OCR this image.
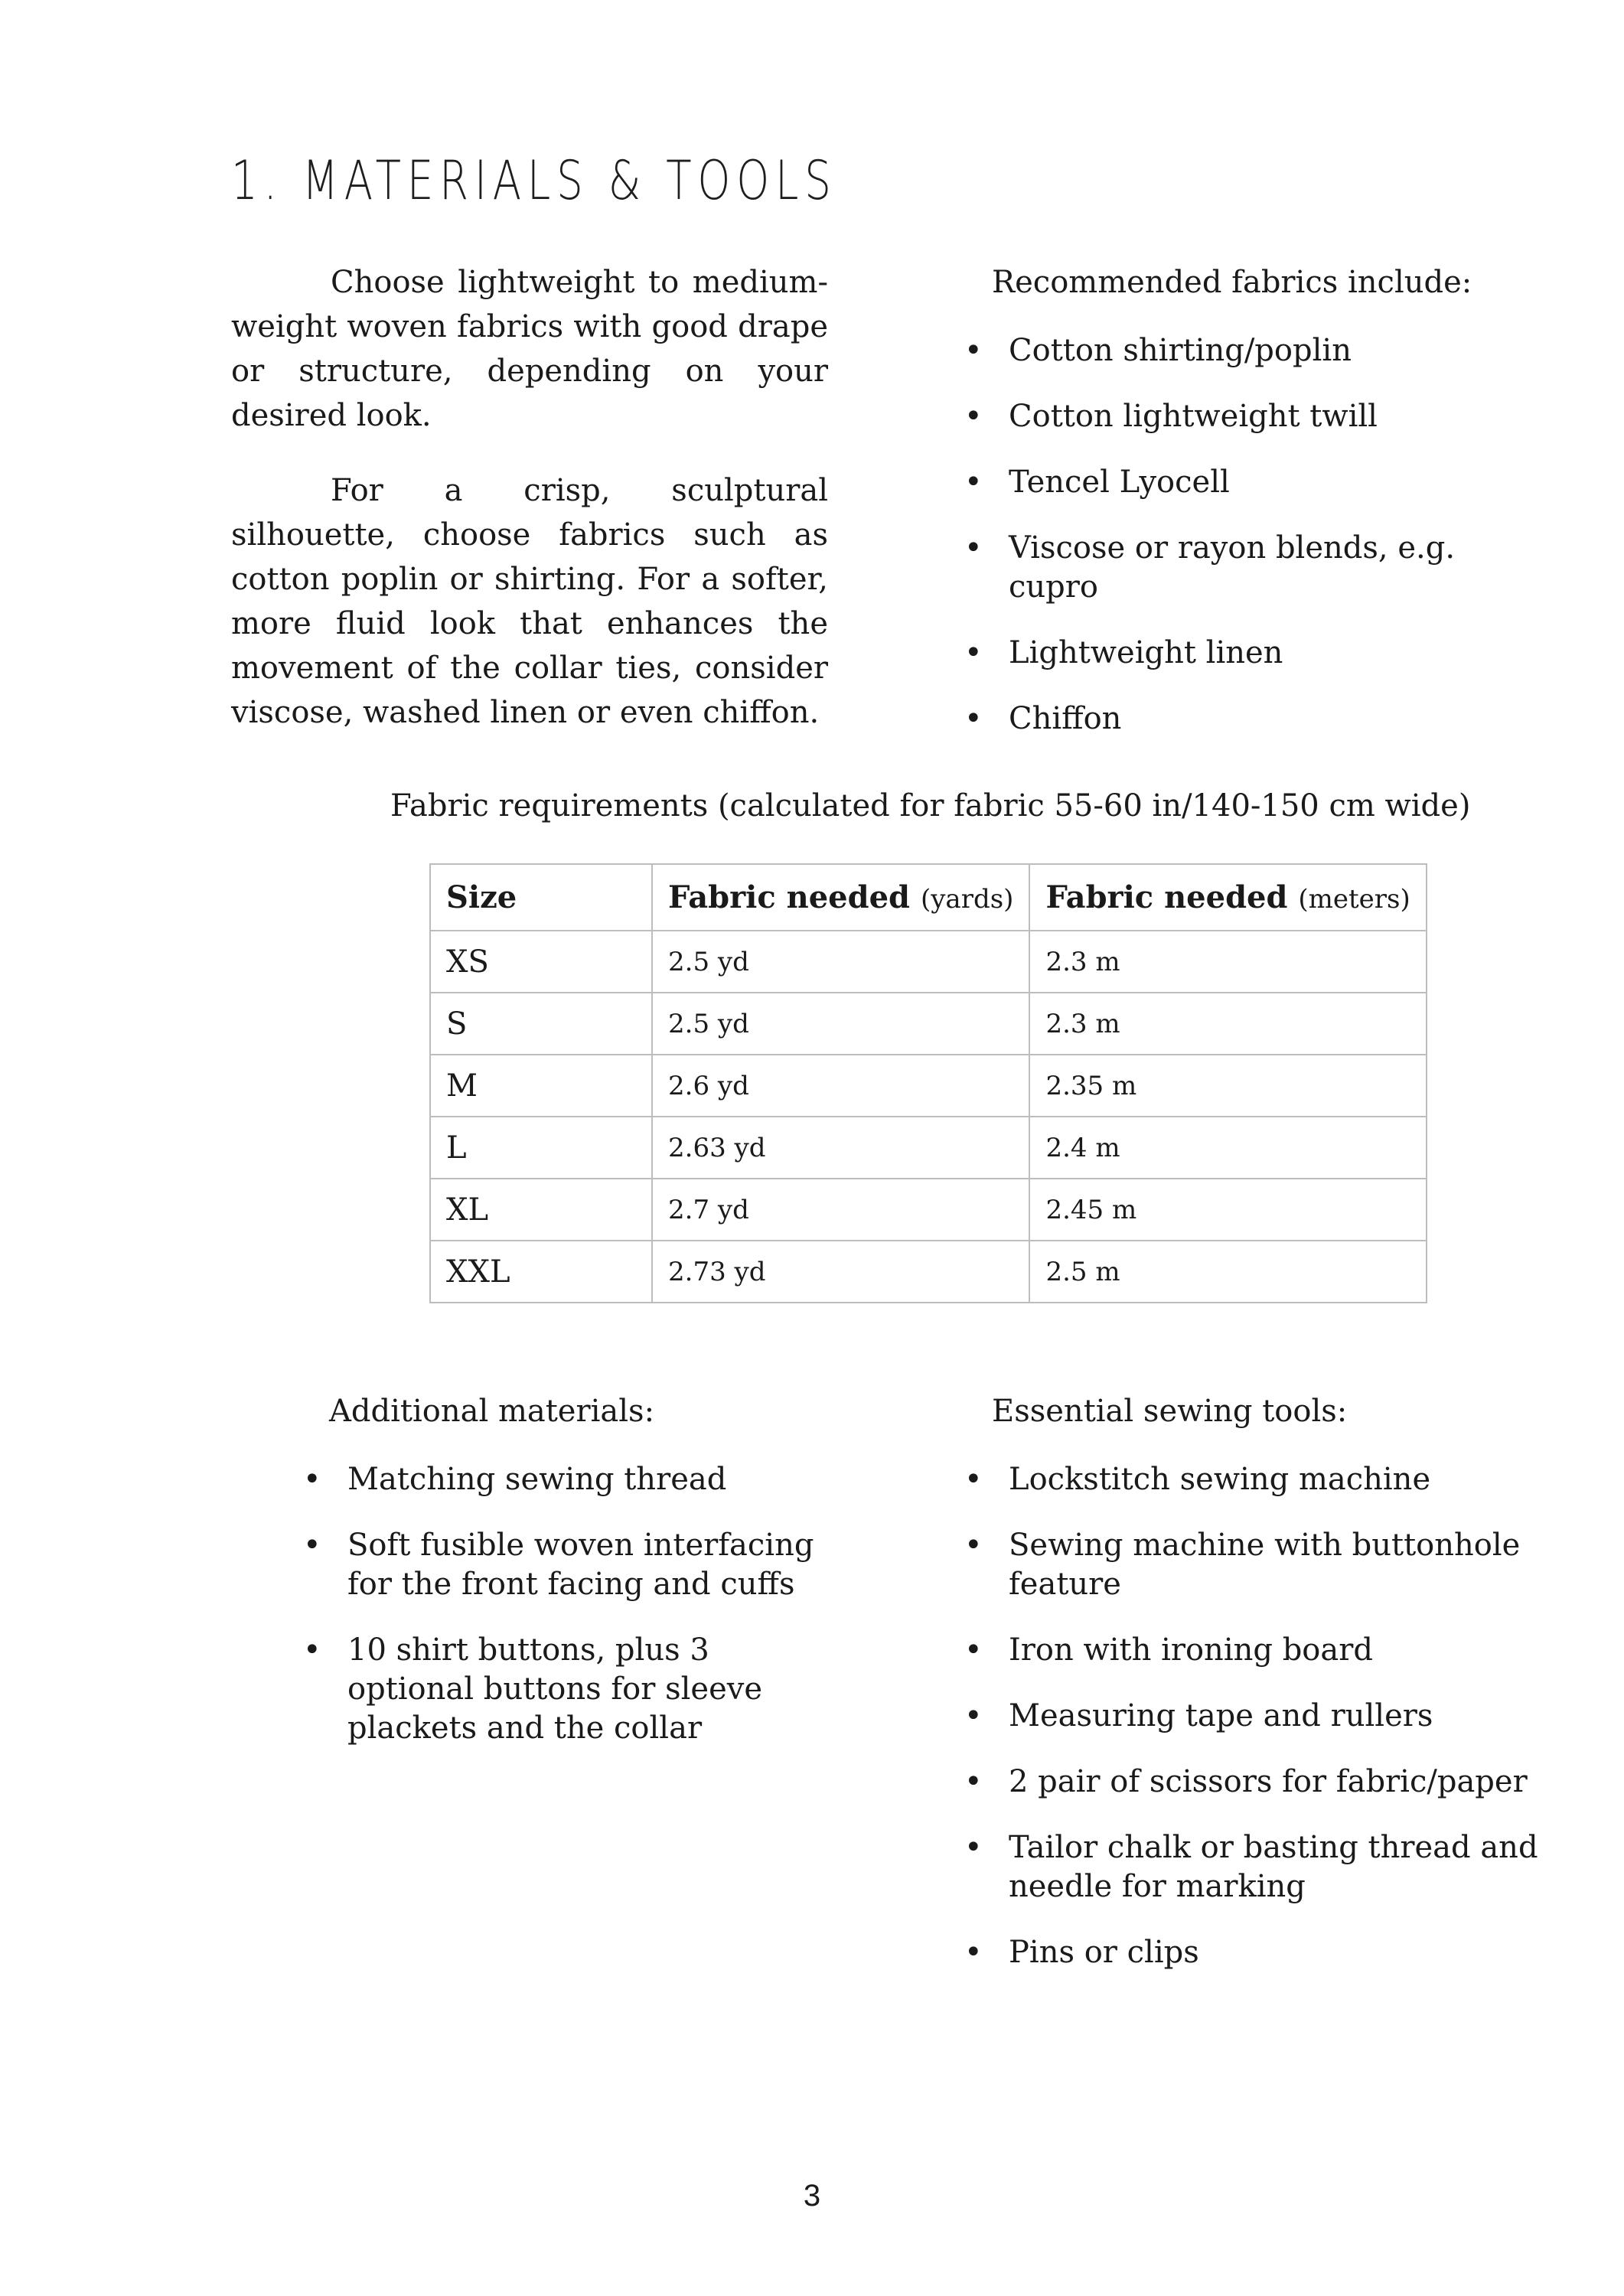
1. MATERIALS & TOOLS

Choose lightweight to medium-weight woven fabrics with good drape or structure, depending on your desired look.

For a crisp, sculptural silhouette, choose fabrics such as cotton poplin or shirting. For a softer, more fluid look that enhances the movement of the collar ties, consider viscose, washed linen or even chiffon.

Recommended fabrics include:

• Cotton shirting/poplin
• Cotton lightweight twill
• Tencel Lyocell
• Viscose or rayon blends, e.g. cupro
• Lightweight linen
• Chiffon

Fabric requirements (calculated for fabric 55-60 in/140-150 cm wide)

Size	Fabric needed (yards)	Fabric needed (meters)
XS	2.5 yd	2.3 m
S	2.5 yd	2.3 m
M	2.6 yd	2.35 m
L	2.63 yd	2.4 m
XL	2.7 yd	2.45 m
XXL	2.73 yd	2.5 m

Additional materials:

• Matching sewing thread
• Soft fusible woven interfacing for the front facing and cuffs
• 10 shirt buttons, plus 3 optional buttons for sleeve plackets and the collar

Essential sewing tools:

• Lockstitch sewing machine
• Sewing machine with buttonhole feature
• Iron with ironing board
• Measuring tape and rullers
• 2 pair of scissors for fabric/paper
• Tailor chalk or basting thread and needle for marking
• Pins or clips
3
